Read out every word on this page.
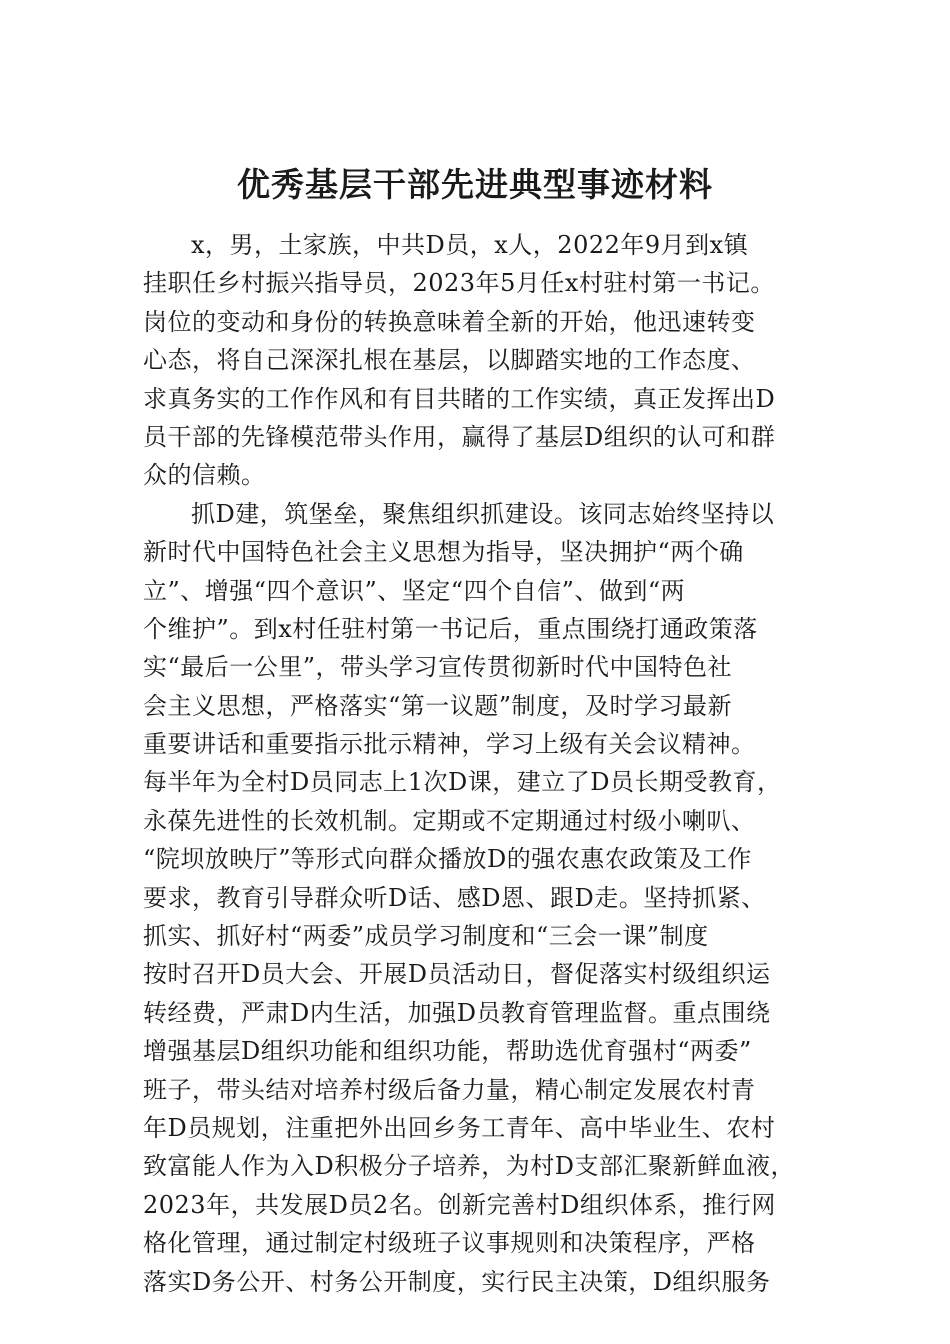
优秀基层干部先进典型事迹材料
x，男，土家族，中共D员，x人，2022年9月到x镇
挂职任乡村振兴指导员，2023年5月任x村驻村第一书记。
岗位的变动和身份的转换意味着全新的开始，他迅速转变
心态，将自己深深扎根在基层，以脚踏实地的工作态度、
求真务实的工作作风和有目共睹的工作实绩，真正发挥出D
员干部的先锋模范带头作用，赢得了基层D组织的认可和群
众的信赖。
抓D建，筑堡垒，聚焦组织抓建设。该同志始终坚持以
新时代中国特色社会主义思想为指导，坚决拥护“两个确
立”、增强“四个意识”、坚定“四个自信”、做到“两
个维护”。到x村任驻村第一书记后，重点围绕打通政策落
实“最后一公里”，带头学习宣传贯彻新时代中国特色社
会主义思想，严格落实“第一议题”制度，及时学习最新
重要讲话和重要指示批示精神，学习上级有关会议精神。
每半年为全村D员同志上1次D课，建立了D员长期受教育，
永葆先进性的长效机制。定期或不定期通过村级小喇叭、
“院坝放映厅”等形式向群众播放D的强农惠农政策及工作
要求，教育引导群众听D话、感D恩、跟D走。坚持抓紧、
抓实、抓好村“两委”成员学习制度和“三会一课”制度
按时召开D员大会、开展D员活动日，督促落实村级组织运
转经费，严肃D内生活，加强D员教育管理监督。重点围绕
增强基层D组织功能和组织功能，帮助选优育强村“两委”
班子，带头结对培养村级后备力量，精心制定发展农村青
年D员规划，注重把外出回乡务工青年、高中毕业生、农村
致富能人作为入D积极分子培养，为村D支部汇聚新鲜血液，
2023年，共发展D员2名。创新完善村D组织体系，推行网
格化管理，通过制定村级班子议事规则和决策程序，严格
落实D务公开、村务公开制度，实行民主决策，D组织服务
